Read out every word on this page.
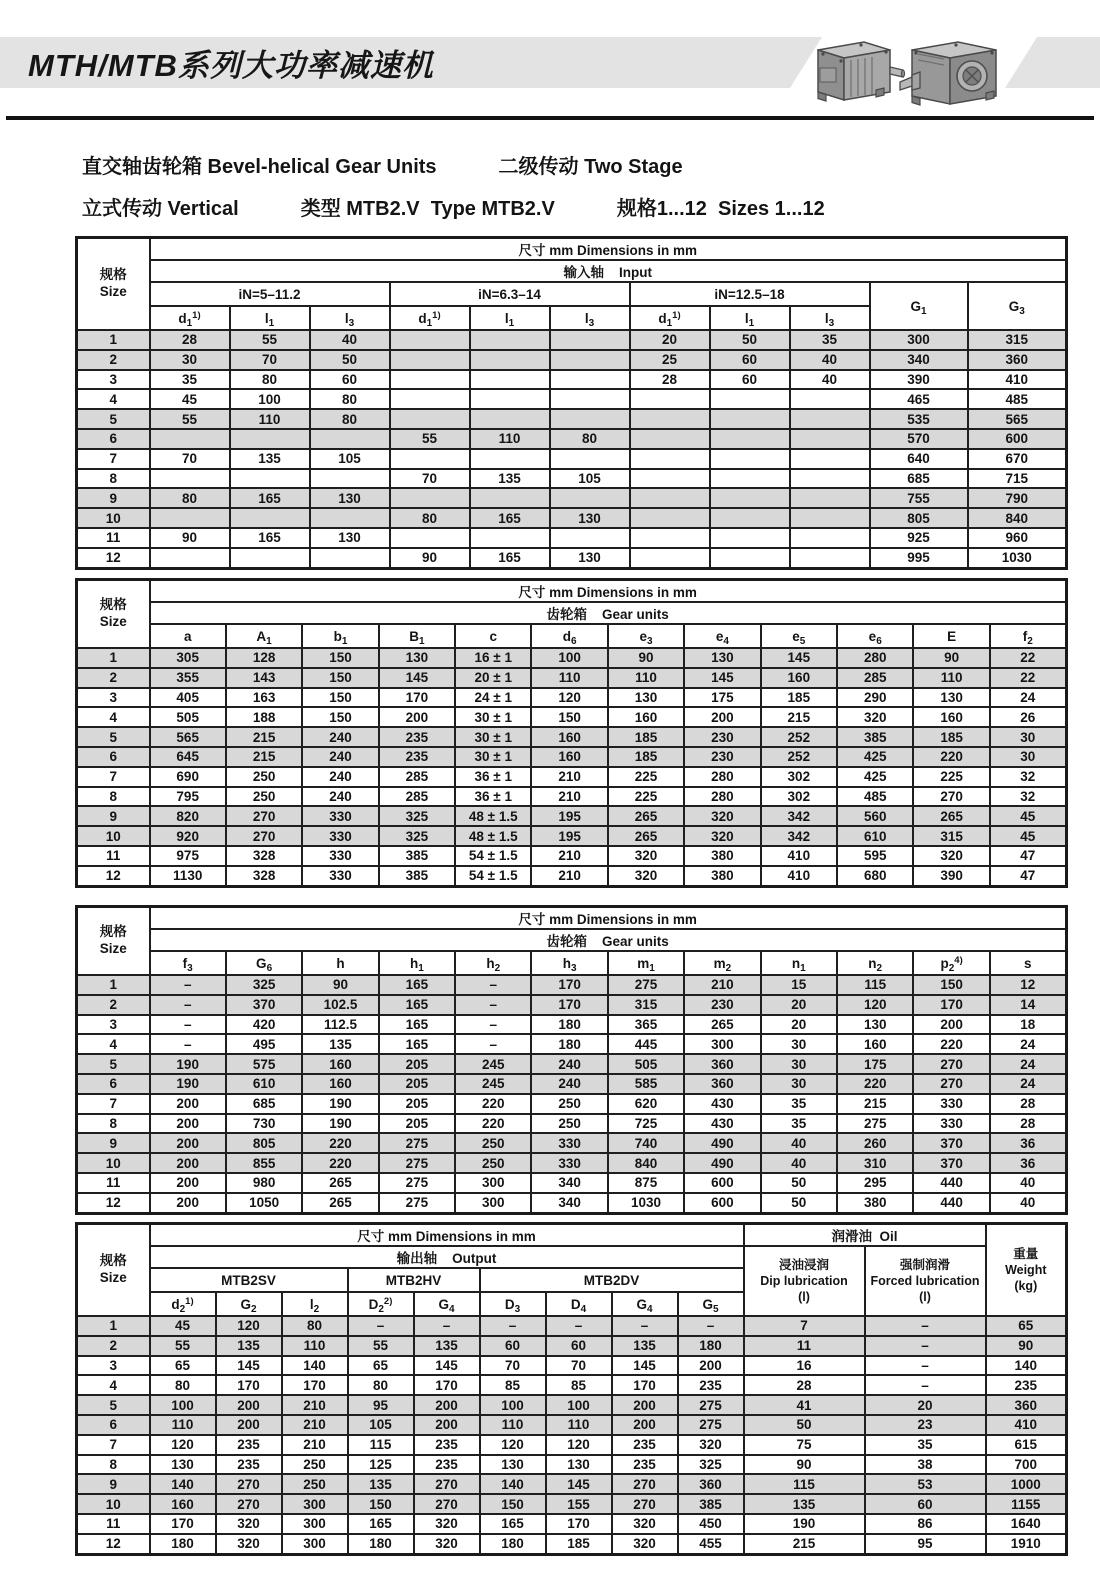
MTH/MTB系列大功率减速机
直交轴齿轮箱 Bevel-helical Gear Units	二级传动 Two Stage
立式传动 Vertical	类型 MTB2.V  Type MTB2.V	规格1...12  Sizes 1...12
规格
Size	尺寸 mm Dimensions in mm										
	输入轴    Input										
	iN=5–11.2			iN=6.3–14			iN=12.5–18			$G_1$	$G_3$
	$d_1^{1)}$	$l_1$	$l_3$	$d_1^{1)}$	$l_1$	$l_3$	$d_1^{1)}$	$l_1$	$l_3$
1	28	55	40				20	50	35	300	315
2	30	70	50				25	60	40	340	360
3	35	80	60				28	60	40	390	410
4	45	100	80							465	485
5	55	110	80							535	565
6				55	110	80				570	600
7	70	135	105							640	670
8				70	135	105				685	715
9	80	165	130							755	790
10				80	165	130				805	840
11	90	165	130							925	960
12				90	165	130				995	1030
规格
Size	尺寸 mm Dimensions in mm											
	齿轮箱    Gear units											
	a	$A_1$	$b_1$	$B_1$	c	$d_6$	$e_3$	$e_4$	$e_5$	$e_6$	E	$f_2$
1	305	128	150	130	16 ± 1	100	90	130	145	280	90	22
2	355	143	150	145	20 ± 1	110	110	145	160	285	110	22
3	405	163	150	170	24 ± 1	120	130	175	185	290	130	24
4	505	188	150	200	30 ± 1	150	160	200	215	320	160	26
5	565	215	240	235	30 ± 1	160	185	230	252	385	185	30
6	645	215	240	235	30 ± 1	160	185	230	252	425	220	30
7	690	250	240	285	36 ± 1	210	225	280	302	425	225	32
8	795	250	240	285	36 ± 1	210	225	280	302	485	270	32
9	820	270	330	325	48 ± 1.5	195	265	320	342	560	265	45
10	920	270	330	325	48 ± 1.5	195	265	320	342	610	315	45
11	975	328	330	385	54 ± 1.5	210	320	380	410	595	320	47
12	1130	328	330	385	54 ± 1.5	210	320	380	410	680	390	47
规格
Size	尺寸 mm Dimensions in mm											
	齿轮箱    Gear units											
	$f_3$	$G_6$	h	$h_1$	$h_2$	$h_3$	$m_1$	$m_2$	$n_1$	$n_2$	$p_2^{4)}$	s
1	–	325	90	165	–	170	275	210	15	115	150	12
2	–	370	102.5	165	–	170	315	230	20	120	170	14
3	–	420	112.5	165	–	180	365	265	20	130	200	18
4	–	495	135	165	–	180	445	300	30	160	220	24
5	190	575	160	205	245	240	505	360	30	175	270	24
6	190	610	160	205	245	240	585	360	30	220	270	24
7	200	685	190	205	220	250	620	430	35	215	330	28
8	200	730	190	205	220	250	725	430	35	275	330	28
9	200	805	220	275	250	330	740	490	40	260	370	36
10	200	855	220	275	250	330	840	490	40	310	370	36
11	200	980	265	275	300	340	875	600	50	295	440	40
12	200	1050	265	275	300	340	1030	600	50	380	440	40
规格
Size	尺寸 mm Dimensions in mm									润滑油  Oil		重量
Weight
(kg)
	输出轴    Output									浸油浸润
Dip lubrication
(l)	强制润滑
Forced lubrication
(l)	
	MTB2SV			MTB2HV		MTB2DV						
	$d_2^{1)}$	$G_2$	$l_2$	$D_2^{2)}$	$G_4$	$D_3$	$D_4$	$G_4$	$G_5$
1	45	120	80	–	–	–	–	–	–	7	–	65
2	55	135	110	55	135	60	60	135	180	11	–	90
3	65	145	140	65	145	70	70	145	200	16	–	140
4	80	170	170	80	170	85	85	170	235	28	–	235
5	100	200	210	95	200	100	100	200	275	41	20	360
6	110	200	210	105	200	110	110	200	275	50	23	410
7	120	235	210	115	235	120	120	235	320	75	35	615
8	130	235	250	125	235	130	130	235	325	90	38	700
9	140	270	250	135	270	140	145	270	360	115	53	1000
10	160	270	300	150	270	150	155	270	385	135	60	1155
11	170	320	300	165	320	165	170	320	450	190	86	1640
12	180	320	300	180	320	180	185	320	455	215	95	1910
